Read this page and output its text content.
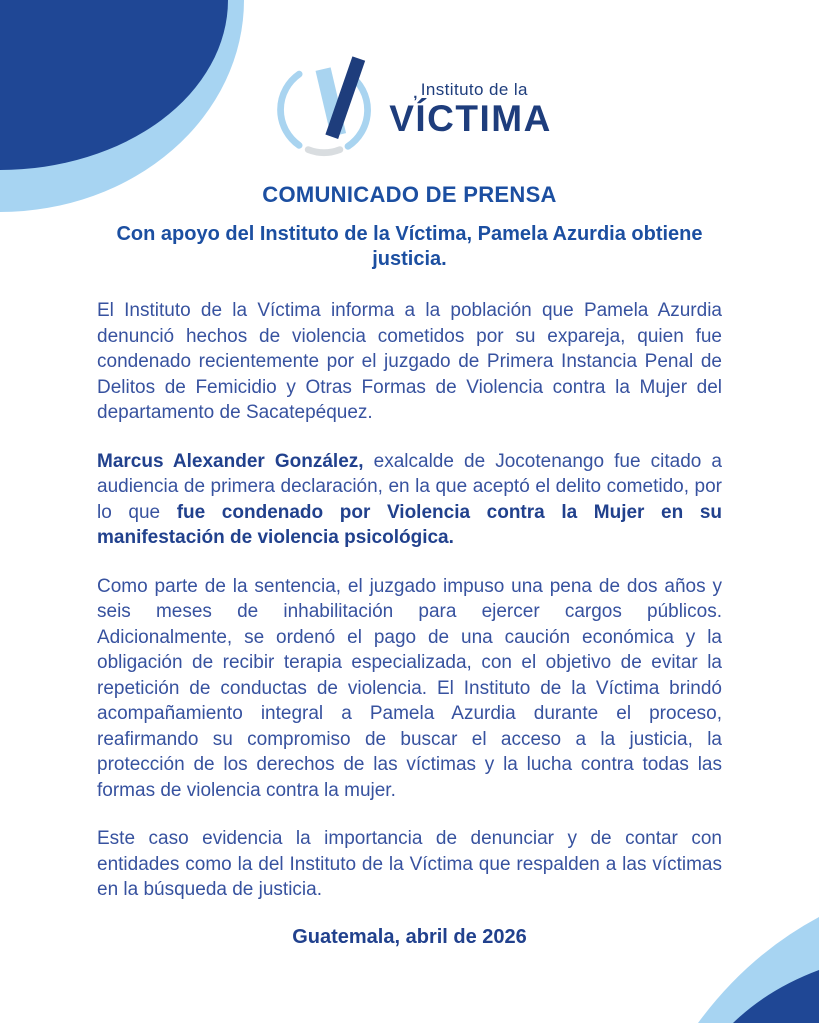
, Instituto de la
VÍCTIMA
COMUNICADO DE PRENSA
Con apoyo del Instituto de la Víctima, Pamela Azurdia obtiene justicia.

El Instituto de la Víctima informa a la población que Pamela Azurdia denunció hechos de violencia cometidos por su expareja, quien fue condenado recientemente por el juzgado de Primera Instancia Penal de Delitos de Femicidio y Otras Formas de Violencia contra la Mujer del departamento de Sacatepéquez.

Marcus Alexander González, exalcalde de Jocotenango fue citado a audiencia de primera declaración, en la que aceptó el delito cometido, por lo que fue condenado por Violencia contra la Mujer en su manifestación de violencia psicológica.

Como parte de la sentencia, el juzgado impuso una pena de dos años y seis meses de inhabilitación para ejercer cargos públicos. Adicionalmente, se ordenó el pago de una caución económica y la obligación de recibir terapia especializada, con el objetivo de evitar la repetición de conductas de violencia. El Instituto de la Víctima brindó acompañamiento integral a Pamela Azurdia durante el proceso, reafirmando su compromiso de buscar el acceso a la justicia, la protección de los derechos de las víctimas y la lucha contra todas las formas de violencia contra la mujer.

Este caso evidencia la importancia de denunciar y de contar con entidades como la del Instituto de la Víctima que respalden a las víctimas en la búsqueda de justicia.

Guatemala, abril de 2026
